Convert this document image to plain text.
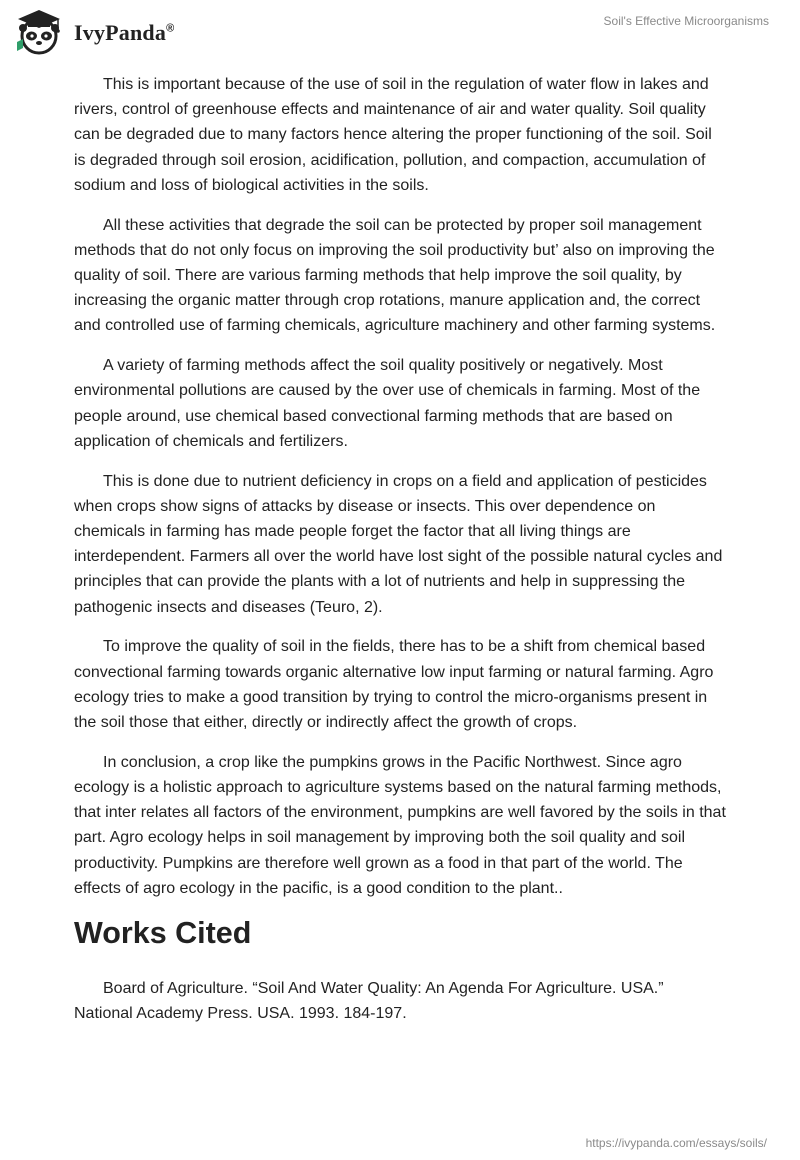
IvyPanda®
Soil's Effective Microorganisms

This is important because of the use of soil in the regulation of water flow in lakes and rivers, control of greenhouse effects and maintenance of air and water quality. Soil quality can be degraded due to many factors hence altering the proper functioning of the soil. Soil is degraded through soil erosion, acidification, pollution, and compaction, accumulation of sodium and loss of biological activities in the soils.

All these activities that degrade the soil can be protected by proper soil management methods that do not only focus on improving the soil productivity but’ also on improving the quality of soil. There are various farming methods that help improve the soil quality, by increasing the organic matter through crop rotations, manure application and, the correct and controlled use of farming chemicals, agriculture machinery and other farming systems.

A variety of farming methods affect the soil quality positively or negatively. Most environmental pollutions are caused by the over use of chemicals in farming. Most of the people around, use chemical based convectional farming methods that are based on application of chemicals and fertilizers.

This is done due to nutrient deficiency in crops on a field and application of pesticides when crops show signs of attacks by disease or insects. This over dependence on chemicals in farming has made people forget the factor that all living things are interdependent. Farmers all over the world have lost sight of the possible natural cycles and principles that can provide the plants with a lot of nutrients and help in suppressing the pathogenic insects and diseases (Teuro, 2).

To improve the quality of soil in the fields, there has to be a shift from chemical based convectional farming towards organic alternative low input farming or natural farming. Agro ecology tries to make a good transition by trying to control the micro-organisms present in the soil those that either, directly or indirectly affect the growth of crops.

In conclusion, a crop like the pumpkins grows in the Pacific Northwest. Since agro ecology is a holistic approach to agriculture systems based on the natural farming methods, that inter relates all factors of the environment, pumpkins are well favored by the soils in that part. Agro ecology helps in soil management by improving both the soil quality and soil productivity. Pumpkins are therefore well grown as a food in that part of the world. The effects of agro ecology in the pacific, is a good condition to the plant..

Works Cited

Board of Agriculture. “Soil And Water Quality: An Agenda For Agriculture. USA.” National Academy Press. USA. 1993. 184-197.

https://ivypanda.com/essays/soils/
